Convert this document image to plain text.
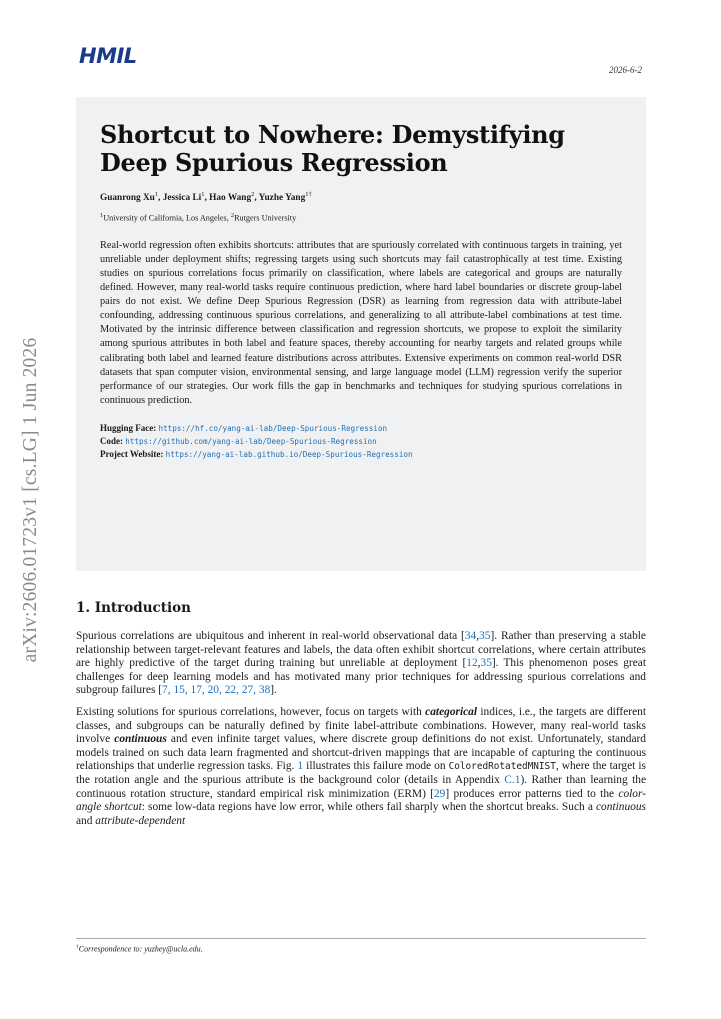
HMIL
2026-6-2
arXiv:2606.01723v1 [cs.LG] 1 Jun 2026
Shortcut to Nowhere: Demystifying Deep Spurious Regression
Guanrong Xu$^1$, Jessica Li$^1$, Hao Wang$^2$, Yuzhe Yang$^{1\dagger}$
$^1$University of California, Los Angeles, $^2$Rutgers University

Real-world regression often exhibits shortcuts: attributes that are spuriously correlated with continuous targets in training, yet unreliable under deployment shifts; regressing targets using such shortcuts may fail catastrophically at test time. Existing studies on spurious correlations focus primarily on classification, where labels are categorical and groups are naturally defined. However, many real-world tasks require continuous prediction, where hard label boundaries or discrete group-label pairs do not exist. We define Deep Spurious Regression (DSR) as learning from regression data with attribute-label confounding, addressing continuous spurious correlations, and generalizing to all attribute-label combinations at test time. Motivated by the intrinsic difference between classification and regression shortcuts, we propose to exploit the similarity among spurious attributes in both label and feature spaces, thereby accounting for nearby targets and related groups while calibrating both label and learned feature distributions across attributes. Extensive experiments on common real-world DSR datasets that span computer vision, environmental sensing, and large language model (LLM) regression verify the superior performance of our strategies. Our work fills the gap in benchmarks and techniques for studying spurious correlations in continuous prediction.

Hugging Face: https://hf.co/yang-ai-lab/Deep-Spurious-Regression
Code: https://github.com/yang-ai-lab/Deep-Spurious-Regression
Project Website: https://yang-ai-lab.github.io/Deep-Spurious-Regression
1. Introduction

Spurious correlations are ubiquitous and inherent in real-world observational data [34,35]. Rather than preserving a stable relationship between target-relevant features and labels, the data often exhibit shortcut correlations, where certain attributes are highly predictive of the target during training but unreliable at deployment [12,35]. This phenomenon poses great challenges for deep learning models and has motivated many prior techniques for addressing spurious correlations and subgroup failures [7, 15, 17, 20, 22, 27, 38].

Existing solutions for spurious correlations, however, focus on targets with categorical indices, i.e., the targets are different classes, and subgroups can be naturally defined by finite label-attribute combinations. However, many real-world tasks involve continuous and even infinite target values, where discrete group definitions do not exist. Unfortunately, standard models trained on such data learn fragmented and shortcut-driven mappings that are incapable of capturing the continuous relationships that underlie regression tasks. Fig. 1 illustrates this failure mode on ColoredRotatedMNIST, where the target is the rotation angle and the spurious attribute is the background color (details in Appendix C.1). Rather than learning the continuous rotation structure, standard empirical risk minimization (ERM) [29] produces error patterns tied to the color-angle shortcut: some low-data regions have low error, while others fail sharply when the shortcut breaks. Such a continuous and attribute-dependent

†Correspondence to: yuzhey@ucla.edu.
